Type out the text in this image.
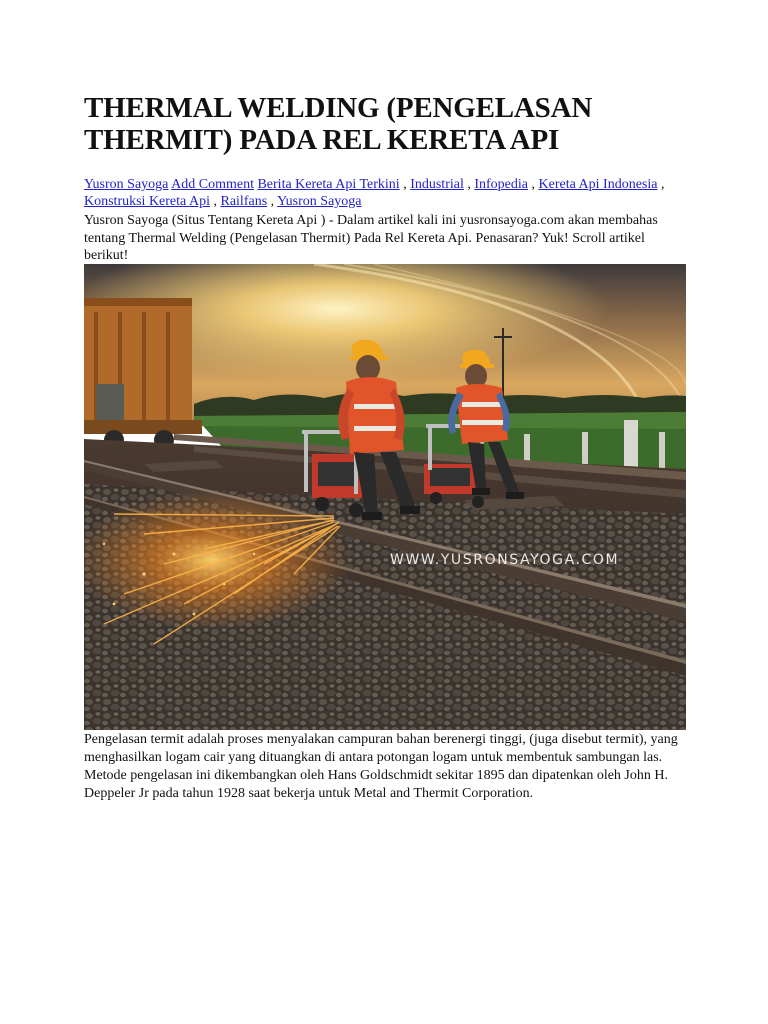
THERMAL WELDING (PENGELASAN THERMIT) PADA REL KERETA API
Yusron Sayoga Add Comment Berita Kereta Api Terkini , Industrial , Infopedia , Kereta Api Indonesia , Konstruksi Kereta Api , Railfans , Yusron Sayoga
Yusron Sayoga (Situs Tentang Kereta Api ) - Dalam artikel kali ini yusronsayoga.com akan membahas tentang Thermal Welding (Pengelasan Thermit) Pada Rel Kereta Api. Penasaran? Yuk! Scroll artikel berikut!
WWW.YUSRONSAYOGA.COM
Pengelasan termit adalah proses menyalakan campuran bahan berenergi tinggi, (juga disebut termit), yang menghasilkan logam cair yang dituangkan di antara potongan logam untuk membentuk sambungan las. Metode pengelasan ini dikembangkan oleh Hans Goldschmidt sekitar 1895 dan dipatenkan oleh John H. Deppeler Jr pada tahun 1928 saat bekerja untuk Metal and Thermit Corporation.
